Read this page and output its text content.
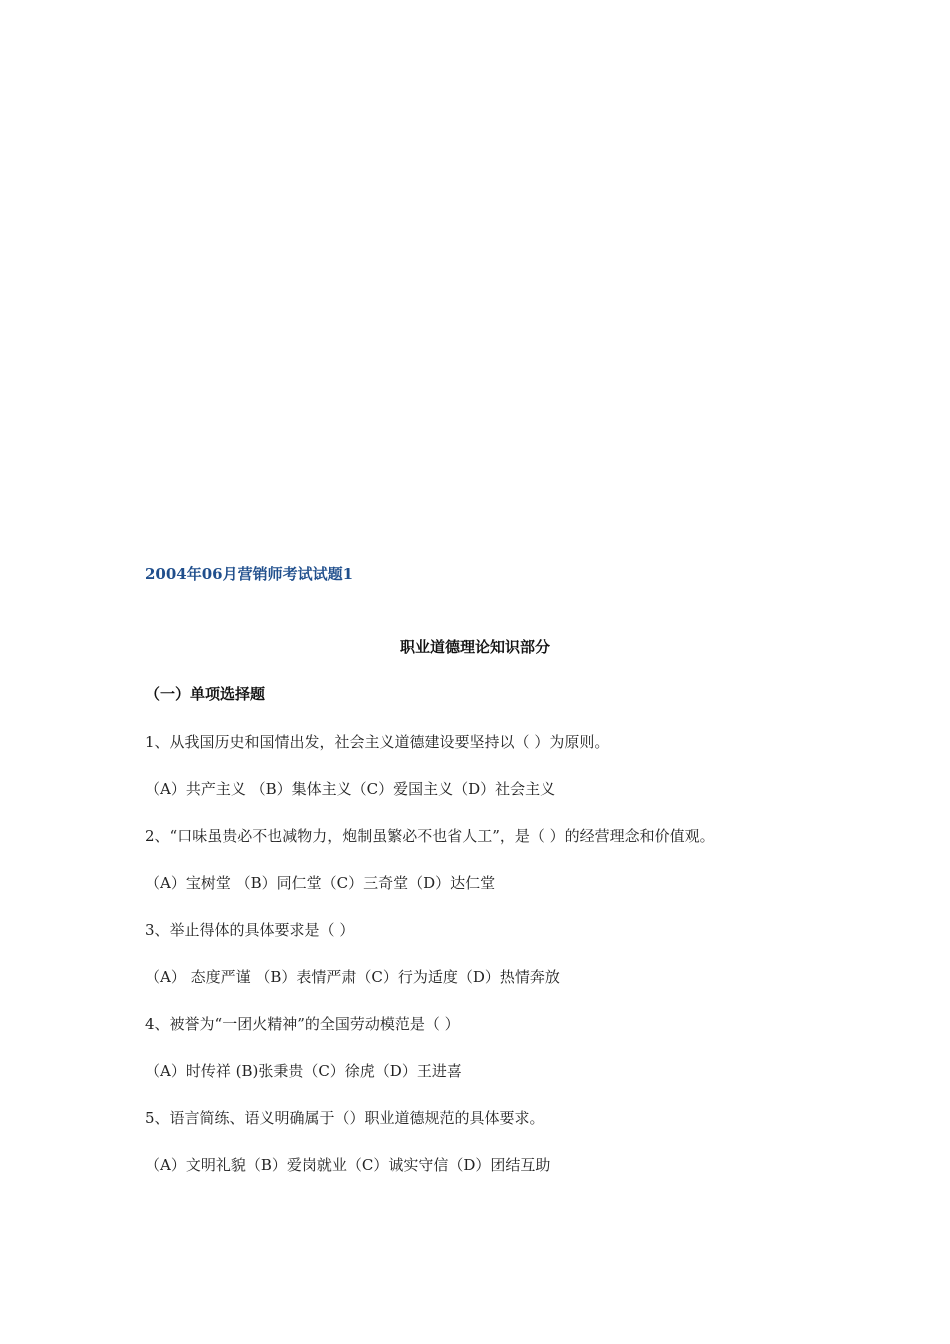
2004年06月营销师考试试题1
职业道德理论知识部分
（一）单项选择题
1、从我国历史和国情出发，社会主义道德建设要坚持以（ ）为原则。
（A）共产主义 （B）集体主义（C）爱国主义（D）社会主义
2、“口味虽贵必不也减物力，炮制虽繁必不也省人工”，是（ ）的经营理念和价值观。
（A）宝树堂 （B）同仁堂（C）三奇堂（D）达仁堂
3、举止得体的具体要求是（ ）
（A） 态度严谨 （B）表情严肃（C）行为适度（D）热情奔放
4、被誉为“一团火精神”的全国劳动模范是（ ）
（A）时传祥 (B)张秉贵（C）徐虎（D）王进喜
5、语言简练、语义明确属于（）职业道德规范的具体要求。
（A）文明礼貌（B）爱岗就业（C）诚实守信（D）团结互助
